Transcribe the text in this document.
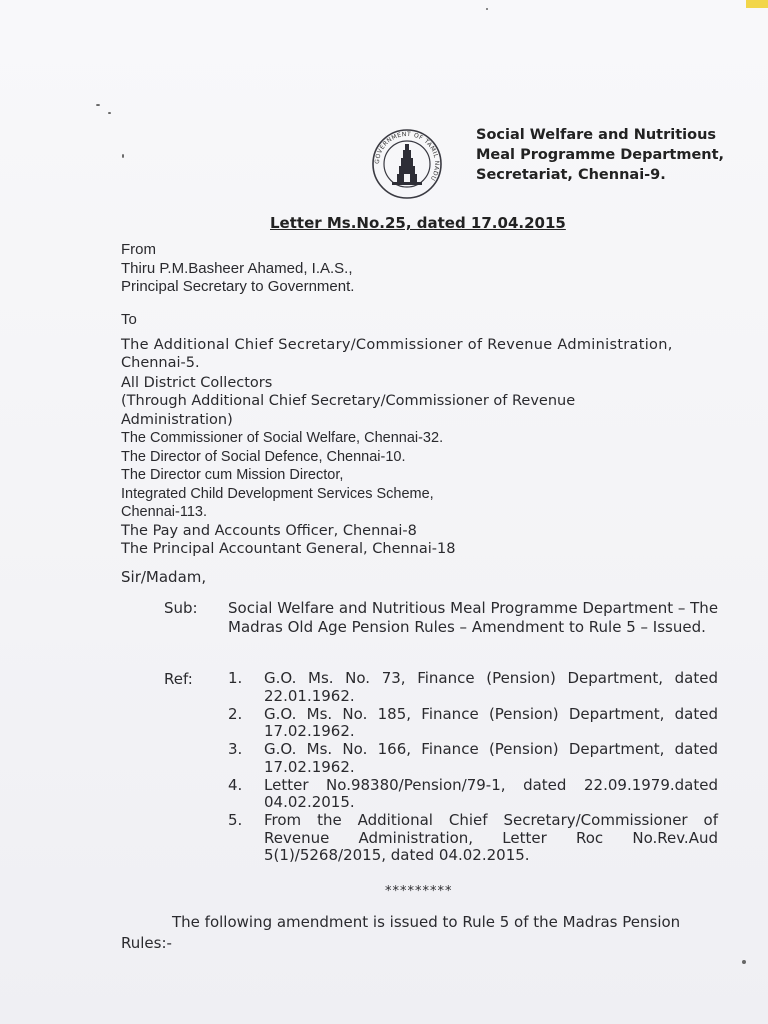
GOVERNMENT OF TAMIL NADU
Social Welfare and Nutritious
Meal Programme Department,
Secretariat, Chennai-9.
Letter Ms.No.25, dated 17.04.2015
From
Thiru P.M.Basheer Ahamed, I.A.S.,
Principal Secretary to Government.
To
The Additional Chief Secretary/Commissioner of Revenue Administration,
Chennai-5.
All District Collectors
(Through Additional Chief Secretary/Commissioner of Revenue
Administration)
The Commissioner of Social Welfare, Chennai-32.
The Director of Social Defence, Chennai-10.
The Director cum Mission Director,
Integrated Child Development Services Scheme,
Chennai-113.
The Pay and Accounts Officer, Chennai-8
The Principal Accountant General, Chennai-18
Sir/Madam,
Sub: Social Welfare and Nutritious Meal Programme Department – The Madras Old Age Pension Rules – Amendment to Rule 5 – Issued.
Ref: 1.	G.O. Ms. No. 73, Finance (Pension) Department, dated 22.01.1962.
2.	G.O. Ms. No. 185, Finance (Pension) Department, dated 17.02.1962.
3.	G.O. Ms. No. 166, Finance (Pension) Department, dated 17.02.1962.
4.	Letter No.98380/Pension/79-1, dated 22.09.1979.dated 04.02.2015.
5.	From the Additional Chief Secretary/Commissioner of Revenue Administration, Letter Roc No.Rev.Aud 5(1)/5268/2015, dated 04.02.2015.
*********
The following amendment is issued to Rule 5 of the Madras Pension
Rules:-
